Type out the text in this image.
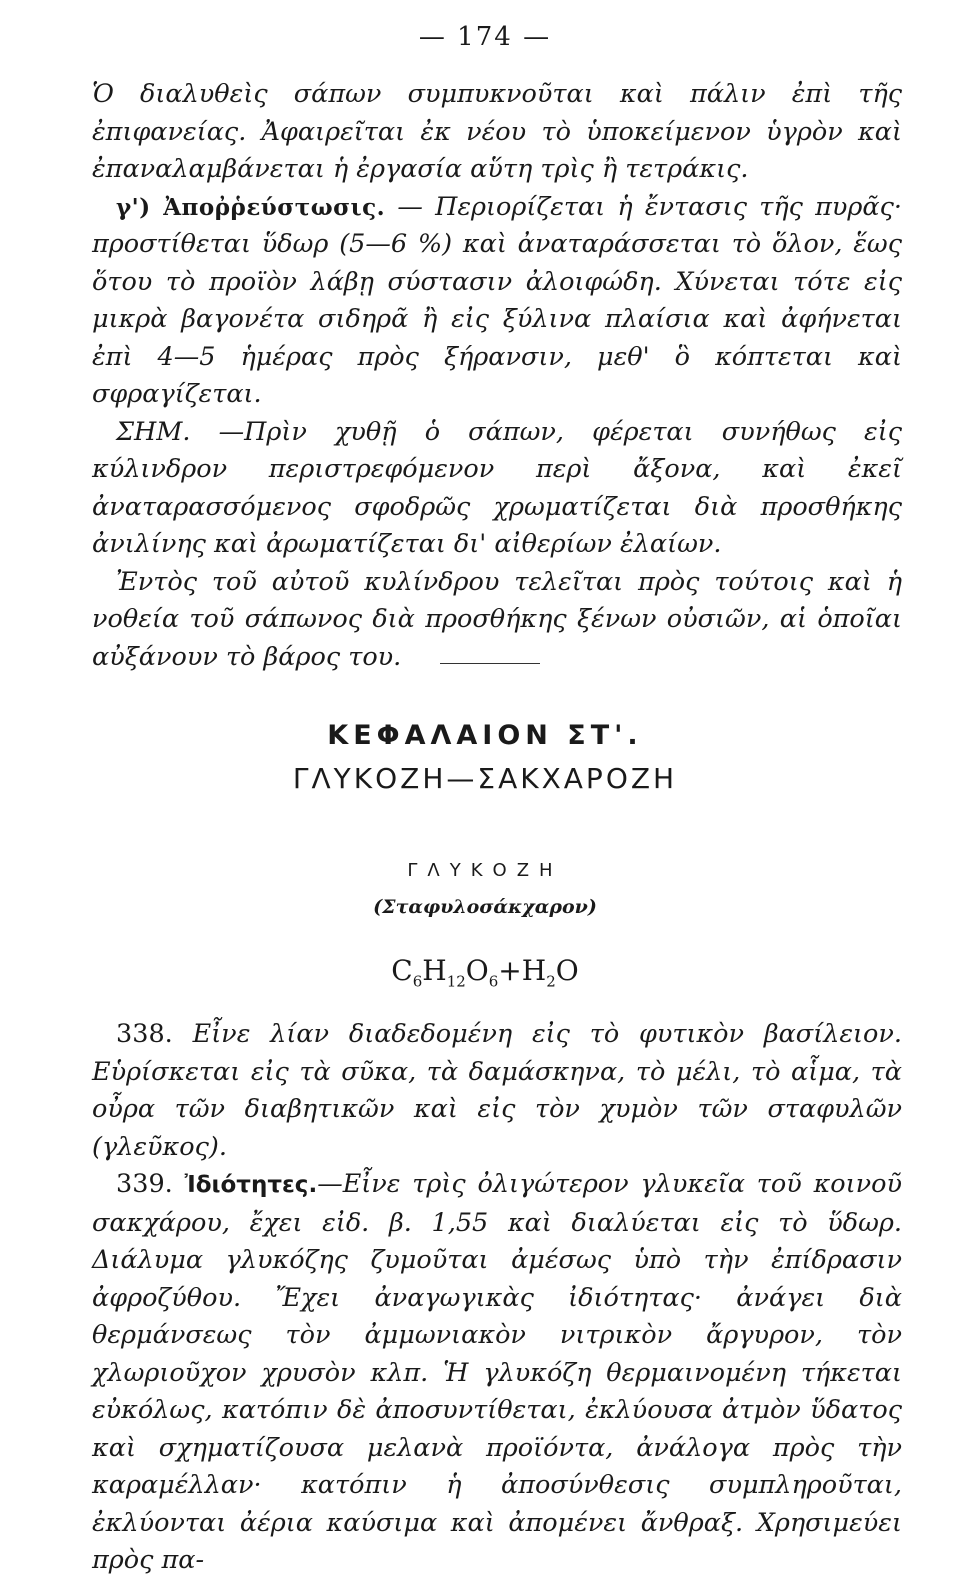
— 174 —

Ὁ διαλυθεὶς σάπων συμπυκνοῦται καὶ πάλιν ἐπὶ τῆς ἐπιφανείας. Ἀφαιρεῖται ἐκ νέου τὸ ὑποκείμενον ὑγρὸν καὶ ἐπαναλαμβάνεται ἡ ἐργασία αὕτη τρὶς ἢ τετράκις.

γ') Ἀποῤῥεύστωσις. — Περιορίζεται ἡ ἔντασις τῆς πυρᾶς· προστίθεται ὕδωρ (5—6 %) καὶ ἀναταράσσεται τὸ ὅλον, ἕως ὅτου τὸ προϊὸν λάβῃ σύστασιν ἀλοιφώδη. Χύνεται τότε εἰς μικρὰ βαγονέτα σιδηρᾶ ἢ εἰς ξύλινα πλαίσια καὶ ἀφήνεται ἐπὶ 4—5 ἡμέρας πρὸς ξήρανσιν, μεθ' ὃ κόπτεται καὶ σφραγίζεται.

ΣΗΜ. —Πρὶν χυθῇ ὁ σάπων, φέρεται συνήθως εἰς κύλινδρον περιστρεφόμενον περὶ ἄξονα, καὶ ἐκεῖ ἀναταρασσόμενος σφοδρῶς χρωματίζεται διὰ προσθήκης ἀνιλίνης καὶ ἀρωματίζεται δι' αἰθερίων ἐλαίων.

Ἐντὸς τοῦ αὐτοῦ κυλίνδρου τελεῖται πρὸς τούτοις καὶ ἡ νοθεία τοῦ σάπωνος διὰ προσθήκης ξένων οὐσιῶν, αἱ ὁποῖαι αὐξάνουν τὸ βάρος του.

ΚΕΦΑΛΑΙΟΝ ΣΤ'.
ΓΛΥΚΟΖΗ—ΣΑΚΧΑΡΟΖΗ
ΓΛΥΚΟΖΗ
(Σταφυλοσάκχαρον)
$C_6H_{12}O_6+H_2O$

338. Εἶνε λίαν διαδεδομένη εἰς τὸ φυτικὸν βασίλειον. Εὑρίσκεται εἰς τὰ σῦκα, τὰ δαμάσκηνα, τὸ μέλι, τὸ αἷμα, τὰ οὖρα τῶν διαβητικῶν καὶ εἰς τὸν χυμὸν τῶν σταφυλῶν (γλεῦκος).

339. Ἰδιότητες.—Εἶνε τρὶς ὀλιγώτερον γλυκεῖα τοῦ κοινοῦ σακχάρου, ἔχει εἰδ. β. 1,55 καὶ διαλύεται εἰς τὸ ὕδωρ. Διάλυμα γλυκόζης ζυμοῦται ἀμέσως ὑπὸ τὴν ἐπίδρασιν ἀφροζύθου. Ἔχει ἀναγωγικὰς ἰδιότητας· ἀνάγει διὰ θερμάνσεως τὸν ἀμμωνιακὸν νιτρικὸν ἄργυρον, τὸν χλωριοῦχον χρυσὸν κλπ. Ἡ γλυκόζη θερμαινομένη τήκεται εὐκόλως, κατόπιν δὲ ἀποσυντίθεται, ἐκλύουσα ἀτμὸν ὕδατος καὶ σχηματίζουσα μελανὰ προϊόντα, ἀνάλογα πρὸς τὴν καραμέλλαν· κατόπιν ἡ ἀποσύνθεσις συμπληροῦται, ἐκλύονται ἀέρια καύσιμα καὶ ἀπομένει ἄνθραξ. Χρησιμεύει πρὸς πα-
